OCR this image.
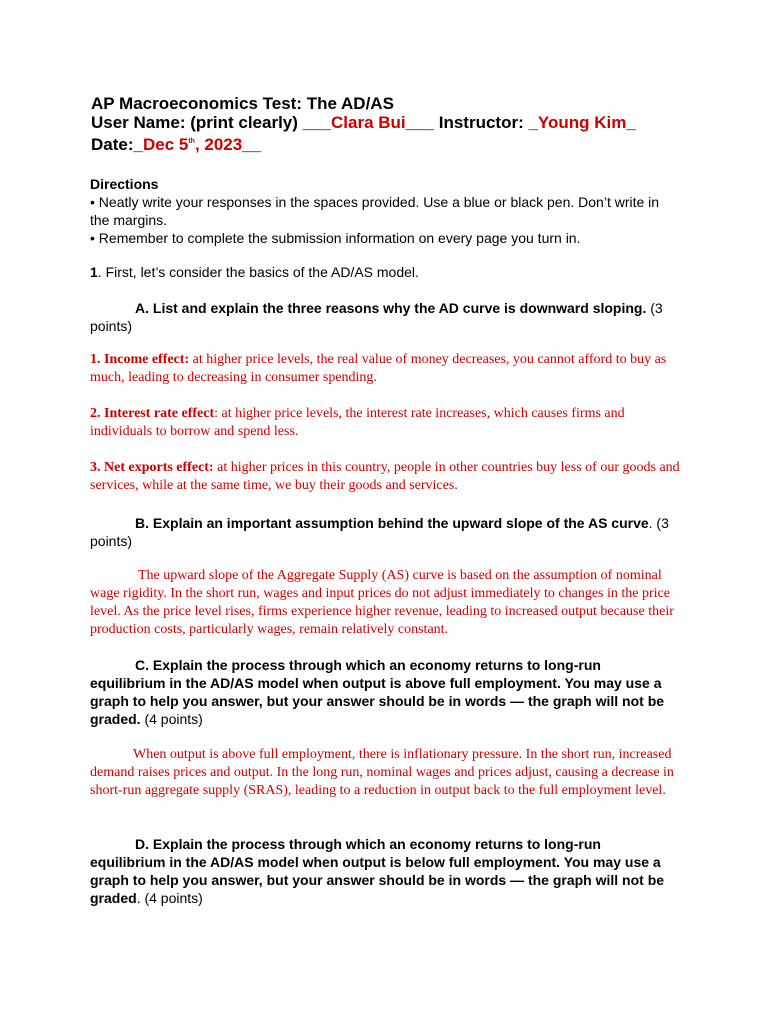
AP Macroeconomics Test: The AD/AS
User Name: (print clearly) ___Clara Bui___ Instructor: _Young Kim_
Date:_Dec 5th, 2023__

Directions

• Neatly write your responses in the spaces provided. Use a blue or black pen. Don’t write in the margins.

• Remember to complete the submission information on every page you turn in.

1. First, let’s consider the basics of the AD/AS model.

A. List and explain the three reasons why the AD curve is downward sloping. (3 points)

1. Income effect: at higher price levels, the real value of money decreases, you cannot afford to buy as much, leading to decreasing in consumer spending.

2. Interest rate effect: at higher price levels, the interest rate increases, which causes firms and individuals to borrow and spend less.

3. Net exports effect: at higher prices in this country, people in other countries buy less of our goods and services, while at the same time, we buy their goods and services.

B. Explain an important assumption behind the upward slope of the AS curve. (3 points)

The upward slope of the Aggregate Supply (AS) curve is based on the assumption of nominal wage rigidity. In the short run, wages and input prices do not adjust immediately to changes in the price level. As the price level rises, firms experience higher revenue, leading to increased output because their production costs, particularly wages, remain relatively constant.

C. Explain the process through which an economy returns to long-run equilibrium in the AD/AS model when output is above full employment. You may use a graph to help you answer, but your answer should be in words — the graph will not be graded. (4 points)

When output is above full employment, there is inflationary pressure. In the short run, increased demand raises prices and output. In the long run, nominal wages and prices adjust, causing a decrease in short-run aggregate supply (SRAS), leading to a reduction in output back to the full employment level.

D. Explain the process through which an economy returns to long-run equilibrium in the AD/AS model when output is below full employment. You may use a graph to help you answer, but your answer should be in words — the graph will not be graded. (4 points)
